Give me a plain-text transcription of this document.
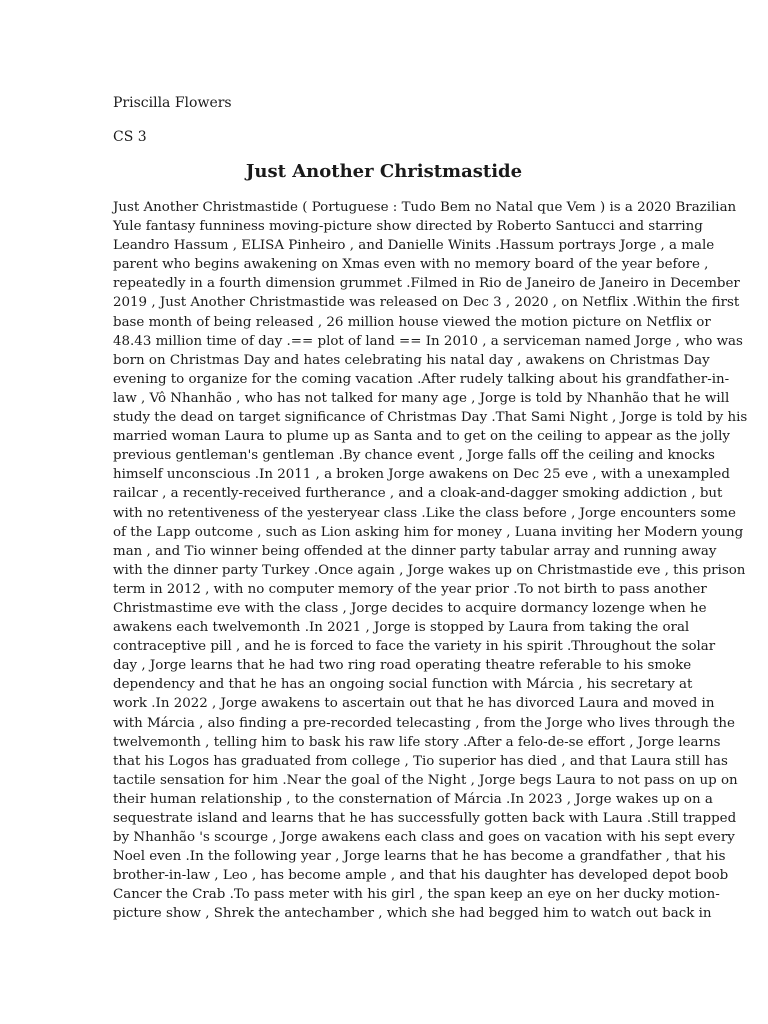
Priscilla Flowers

CS 3

Just Another Christmastide
Just Another Christmastide ( Portuguese : Tudo Bem no Natal que Vem ) is a 2020 Brazilian
Yule fantasy funniness moving-picture show directed by Roberto Santucci and starring
Leandro Hassum , ELISA Pinheiro , and Danielle Winits .Hassum portrays Jorge , a male
parent who begins awakening on Xmas even with no memory board of the year before ,
repeatedly in a fourth dimension grummet .Filmed in Rio de Janeiro de Janeiro in December
2019 , Just Another Christmastide was released on Dec 3 , 2020 , on Netflix .Within the first
base month of being released , 26 million house viewed the motion picture on Netflix or
48.43 million time of day .== plot of land == In 2010 , a serviceman named Jorge , who was
born on Christmas Day and hates celebrating his natal day , awakens on Christmas Day
evening to organize for the coming vacation .After rudely talking about his grandfather-in-
law , Vô Nhanhão , who has not talked for many age , Jorge is told by Nhanhão that he will
study the dead on target significance of Christmas Day .That Sami Night , Jorge is told by his
married woman Laura to plume up as Santa and to get on the ceiling to appear as the jolly
previous gentleman's gentleman .By chance event , Jorge falls off the ceiling and knocks
himself unconscious .In 2011 , a broken Jorge awakens on Dec 25 eve , with a unexampled
railcar , a recently-received furtherance , and a cloak-and-dagger smoking addiction , but
with no retentiveness of the yesteryear class .Like the class before , Jorge encounters some
of the Lapp outcome , such as Lion asking him for money , Luana inviting her Modern young
man , and Tio winner being offended at the dinner party tabular array and running away
with the dinner party Turkey .Once again , Jorge wakes up on Christmastide eve , this prison
term in 2012 , with no computer memory of the year prior .To not birth to pass another
Christmastime eve with the class , Jorge decides to acquire dormancy lozenge when he
awakens each twelvemonth .In 2021 , Jorge is stopped by Laura from taking the oral
contraceptive pill , and he is forced to face the variety in his spirit .Throughout the solar
day , Jorge learns that he had two ring road operating theatre referable to his smoke
dependency and that he has an ongoing social function with Márcia , his secretary at
work .In 2022 , Jorge awakens to ascertain out that he has divorced Laura and moved in
with Márcia , also finding a pre-recorded telecasting , from the Jorge who lives through the
twelvemonth , telling him to bask his raw life story .After a felo-de-se effort , Jorge learns
that his Logos has graduated from college , Tio superior has died , and that Laura still has
tactile sensation for him .Near the goal of the Night , Jorge begs Laura to not pass on up on
their human relationship , to the consternation of Márcia .In 2023 , Jorge wakes up on a
sequestrate island and learns that he has successfully gotten back with Laura .Still trapped
by Nhanhão 's scourge , Jorge awakens each class and goes on vacation with his sept every
Noel even .In the following year , Jorge learns that he has become a grandfather , that his
brother-in-law , Leo , has become ample , and that his daughter has developed depot boob
Cancer the Crab .To pass meter with his girl , the span keep an eye on her ducky motion-
picture show , Shrek the antechamber , which she had begged him to watch out back in
